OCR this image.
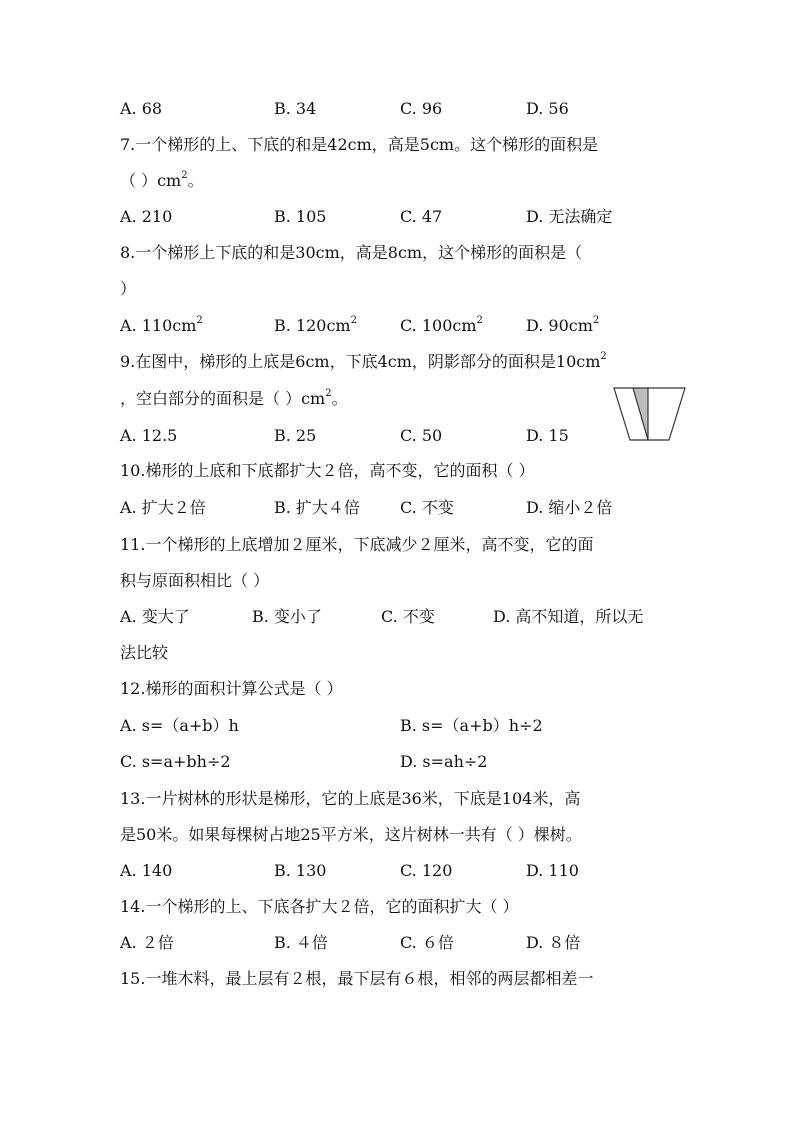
A. 68	B. 34	C. 96	D. 56
7.一个梯形的上、下底的和是42cm，高是5cm。这个梯形的面积是
（ ）$cm^2$。
A. 210	B. 105	C. 47	D. 无法确定
8.一个梯形上下底的和是30cm，高是8cm，这个梯形的面积是（
）
A. $110cm^2$	B. $120cm^2$	C. $100cm^2$	D. $90cm^2$
9.在图中，梯形的上底是6cm，下底4cm，阴影部分的面积是$10cm^2$
，空白部分的面积是（ ）$cm^2$。
A. 12.5	B. 25	C. 50	D. 15
10.梯形的上底和下底都扩大２倍，高不变，它的面积（ ）
A. 扩大２倍	B. 扩大４倍	C. 不变	D. 缩小２倍
11.一个梯形的上底增加２厘米，下底减少２厘米，高不变，它的面
积与原面积相比（ ）
A. 变大了	B. 变小了	C. 不变	D. 高不知道，所以无
法比较
12.梯形的面积计算公式是（ ）
A. s=（a+b）h	B. s=（a+b）h÷2
C. s=a+bh÷2	D. s=ah÷2
13.一片树林的形状是梯形，它的上底是36米，下底是104米，高
是50米。如果每棵树占地25平方米，这片树林一共有（ ）棵树。
A. 140	B. 130	C. 120	D. 110
14.一个梯形的上、下底各扩大２倍，它的面积扩大（ ）
A. ２倍	B. ４倍	C. ６倍	D. ８倍
15.一堆木料，最上层有２根，最下层有６根，相邻的两层都相差一
